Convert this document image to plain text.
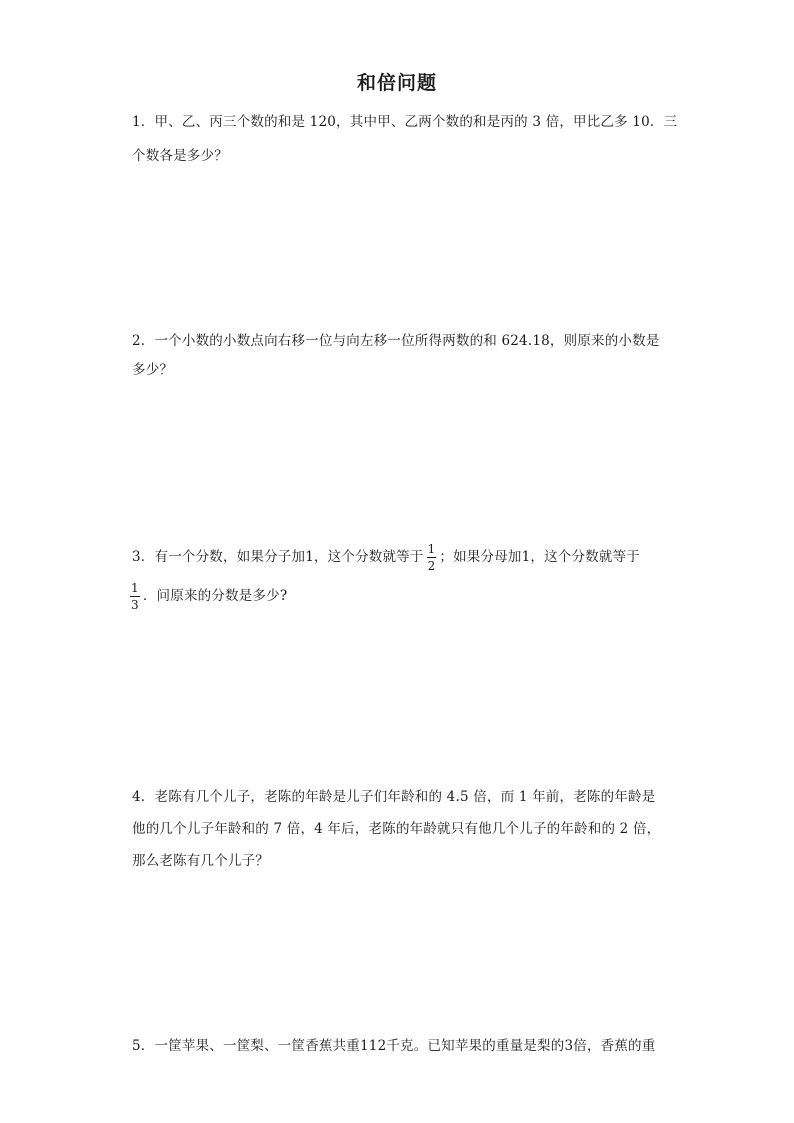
和倍问题
1．甲、乙、丙三个数的和是 120，其中甲、乙两个数的和是丙的 3 倍，甲比乙多 10．三
个数各是多少？
2．一个小数的小数点向右移一位与向左移一位所得两数的和 624.18，则原来的小数是
多少？
3．有一个分数，如果分子加1，这个分数就等于 $\frac{1}{2}$ ；如果分母加1，这个分数就等于
$\frac{1}{3}$ ．问原来的分数是多少?
4．老陈有几个儿子，老陈的年龄是儿子们年龄和的 4.5 倍，而 1 年前，老陈的年龄是
他的几个儿子年龄和的 7 倍，4 年后，老陈的年龄就只有他几个儿子的年龄和的 2 倍，
那么老陈有几个儿子？
5．一筐苹果、一筐梨、一筐香蕉共重112千克。已知苹果的重量是梨的3倍，香蕉的重
